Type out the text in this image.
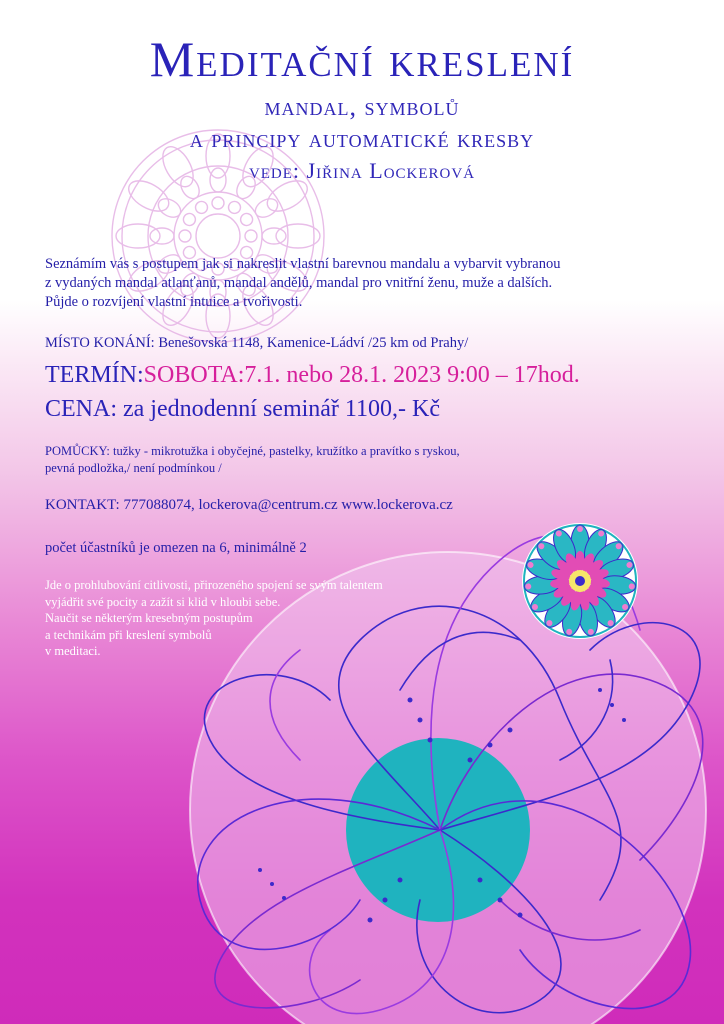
Meditační kreslení
mandal, symbolů
a principy automatické kresby
vede: Jiřina Lockerová
Seznámím vás s postupem jak si nakreslit vlastní barevnou mandalu a vybarvit vybranou
z vydaných mandal atlanťanů, mandal andělů, mandal pro vnitřní ženu, muže a dalších.
Půjde o rozvíjení vlastní intuice a tvořivosti.
MÍSTO KONÁNÍ: Benešovská 1148, Kamenice-Ládví /25 km od Prahy/
TERMÍN:SOBOTA:7.1. nebo 28.1. 2023 9:00 – 17hod.
CENA: za jednodenní seminář 1100,- Kč
POMŮCKY: tužky - mikrotužka i obyčejné, pastelky, kružítko a pravítko s ryskou,
pevná podložka,/ není podmínkou /
KONTAKT: 777088074, lockerova@centrum.cz www.lockerova.cz
počet účastníků je omezen na 6, minimálně 2
Jde o prohlubování citlivosti, přirozeného spojení se svým talentem
vyjádřit své pocity a zažít si klid v hloubi sebe.
Naučit se některým kresebným postupům
a technikám při kreslení symbolů
v meditaci.
